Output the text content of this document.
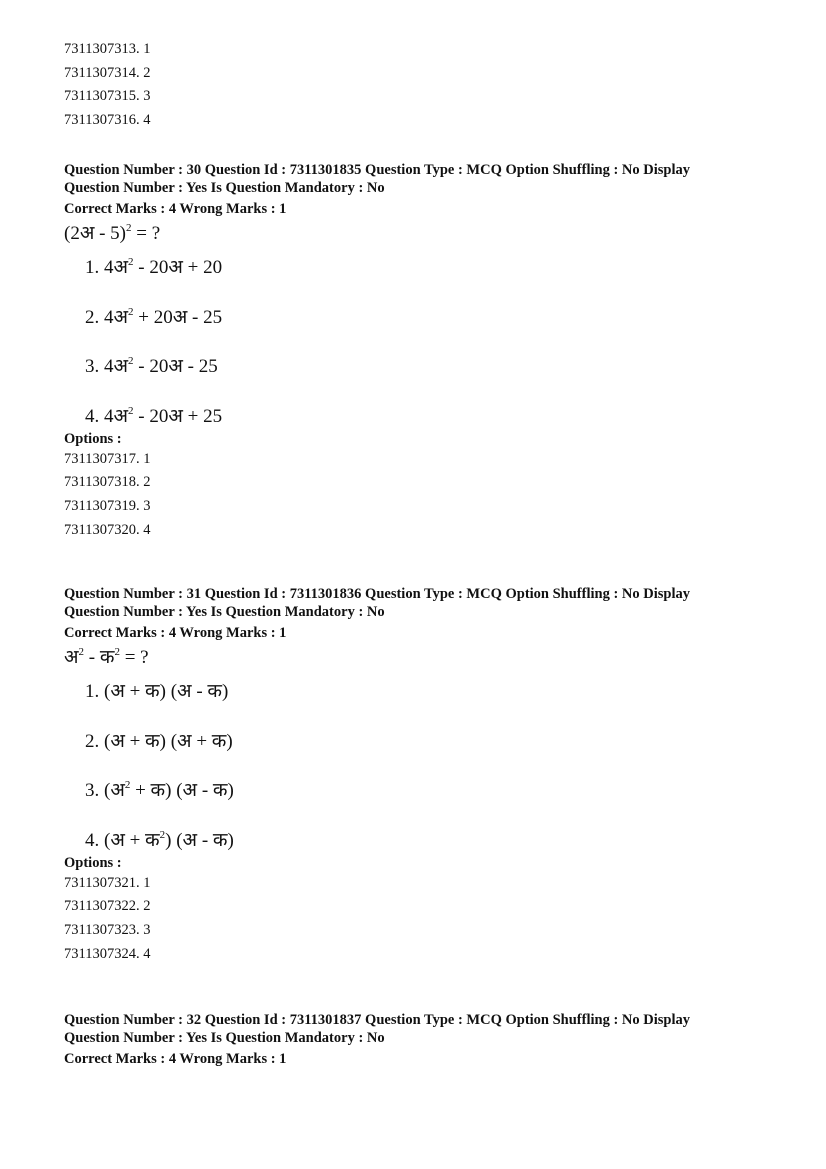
7311307313. 1
7311307314. 2
7311307315. 3
7311307316. 4
Question Number : 30 Question Id : 7311301835 Question Type : MCQ Option Shuffling : No Display
Question Number : Yes Is Question Mandatory : No
Correct Marks : 4 Wrong Marks : 1
(2अ - 5)$^2$ = ?
1. 4अ$^2$ - 20अ + 20
2. 4अ$^2$ + 20अ - 25
3. 4अ$^2$ - 20अ - 25
4. 4अ$^2$ - 20अ + 25
Options :
7311307317. 1
7311307318. 2
7311307319. 3
7311307320. 4
Question Number : 31 Question Id : 7311301836 Question Type : MCQ Option Shuffling : No Display
Question Number : Yes Is Question Mandatory : No
Correct Marks : 4 Wrong Marks : 1
अ$^2$ - क$^2$ = ?
1. (अ + क) (अ - क)
2. (अ + क) (अ + क)
3. (अ$^2$ + क) (अ - क)
4. (अ + क$^2$) (अ - क)
Options :
7311307321. 1
7311307322. 2
7311307323. 3
7311307324. 4
Question Number : 32 Question Id : 7311301837 Question Type : MCQ Option Shuffling : No Display
Question Number : Yes Is Question Mandatory : No
Correct Marks : 4 Wrong Marks : 1
